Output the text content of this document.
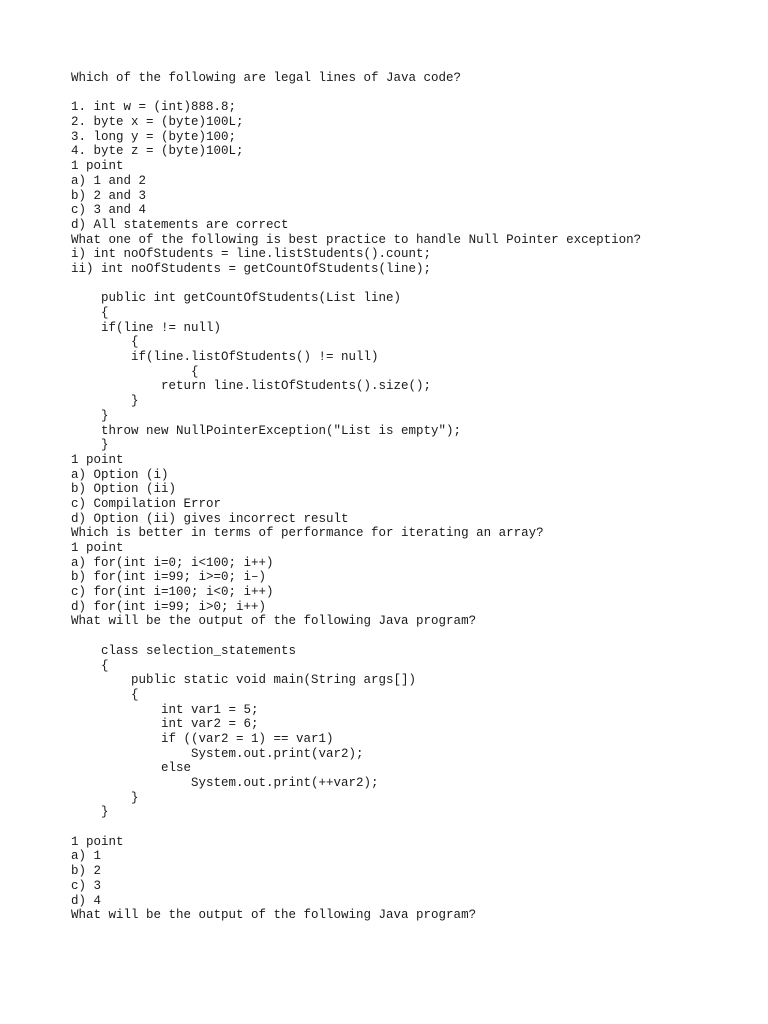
Which of the following are legal lines of Java code?
1. int w = (int)888.8;
2. byte x = (byte)100L;
3. long y = (byte)100;
4. byte z = (byte)100L;
1 point
a) 1 and 2
b) 2 and 3
c) 3 and 4
d) All statements are correct
What one of the following is best practice to handle Null Pointer exception?
i) int noOfStudents = line.listStudents().count;
ii) int noOfStudents = getCountOfStudents(line);
public int getCountOfStudents(List line)
{
if(line != null)
{
if(line.listOfStudents() != null)
{
return line.listOfStudents().size();
}
}
throw new NullPointerException("List is empty");
}
1 point
a) Option (i)
b) Option (ii)
c) Compilation Error
d) Option (ii) gives incorrect result
Which is better in terms of performance for iterating an array?
1 point
a) for(int i=0; i<100; i++)
b) for(int i=99; i>=0; i–)
c) for(int i=100; i<0; i++)
d) for(int i=99; i>0; i++)
What will be the output of the following Java program?
class selection_statements
{
public static void main(String args[])
{
int var1 = 5;
int var2 = 6;
if ((var2 = 1) == var1)
System.out.print(var2);
else
System.out.print(++var2);
}
}
1 point
a) 1
b) 2
c) 3
d) 4
What will be the output of the following Java program?
